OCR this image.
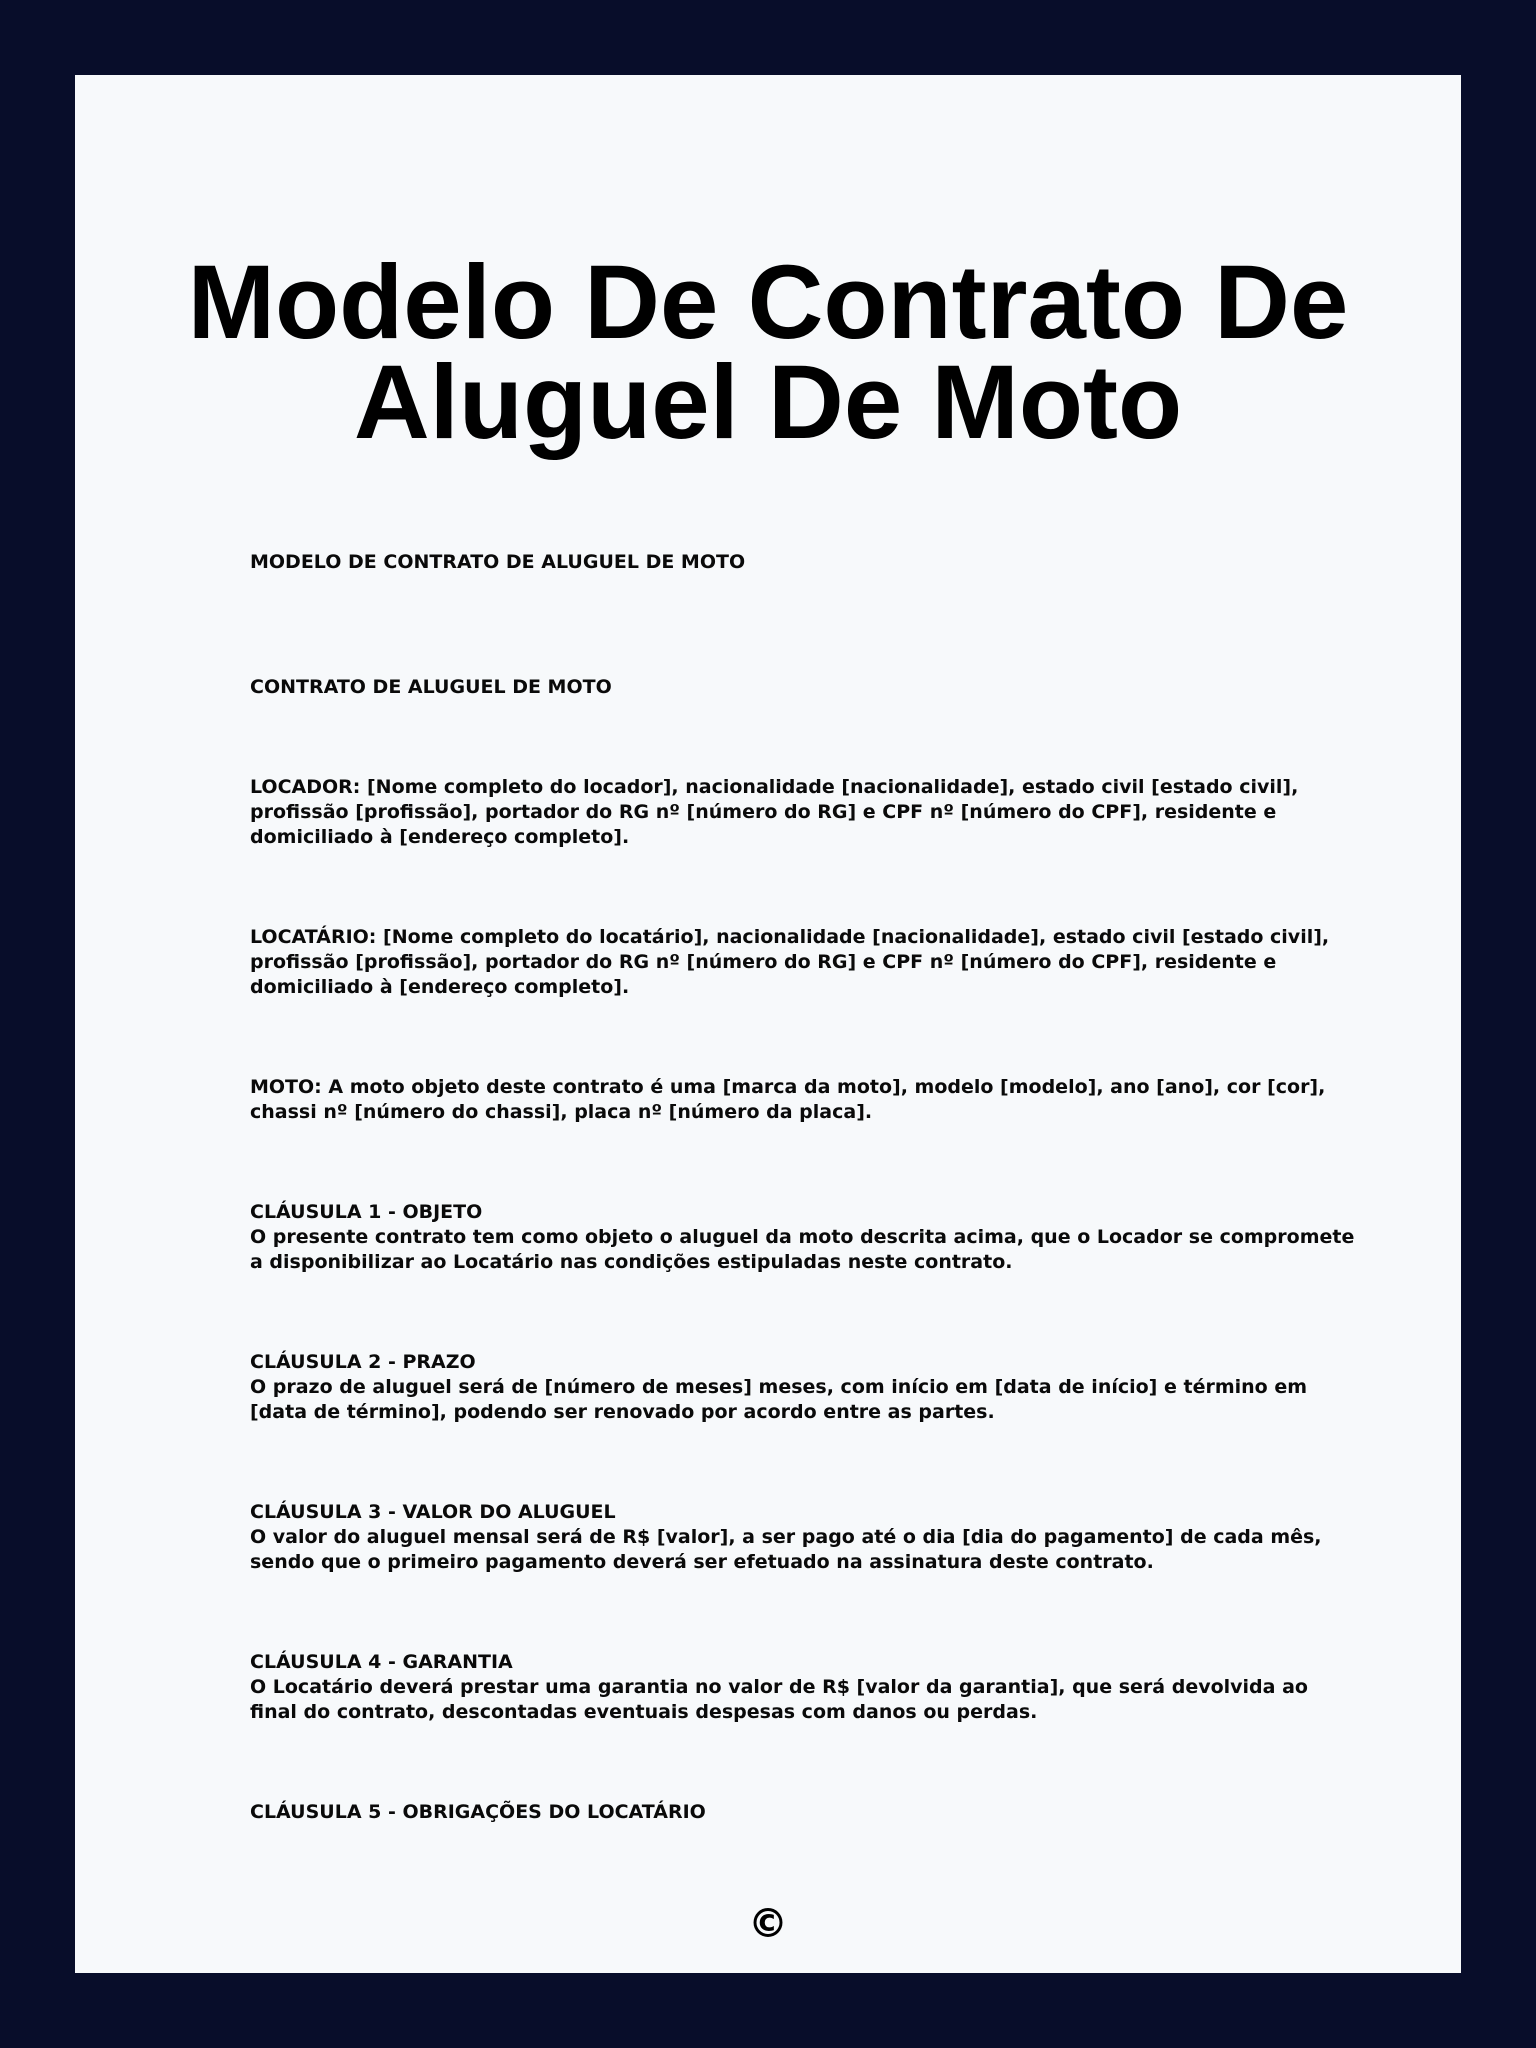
Modelo De Contrato De
Aluguel De Moto

MODELO DE CONTRATO DE ALUGUEL DE MOTO

CONTRATO DE ALUGUEL DE MOTO

LOCADOR: [Nome completo do locador], nacionalidade [nacionalidade], estado civil [estado civil], profissão [profissão], portador do RG nº [número do RG] e CPF nº [número do CPF], residente e domiciliado à [endereço completo].

LOCATÁRIO: [Nome completo do locatário], nacionalidade [nacionalidade], estado civil [estado civil], profissão [profissão], portador do RG nº [número do RG] e CPF nº [número do CPF], residente e domiciliado à [endereço completo].

MOTO: A moto objeto deste contrato é uma [marca da moto], modelo [modelo], ano [ano], cor [cor], chassi nº [número do chassi], placa nº [número da placa].

CLÁUSULA 1 - OBJETO
O presente contrato tem como objeto o aluguel da moto descrita acima, que o Locador se compromete a disponibilizar ao Locatário nas condições estipuladas neste contrato.
CLÁUSULA 2 - PRAZO
O prazo de aluguel será de [número de meses] meses, com início em [data de início] e término em [data de término], podendo ser renovado por acordo entre as partes.
CLÁUSULA 3 - VALOR DO ALUGUEL
O valor do aluguel mensal será de R$ [valor], a ser pago até o dia [dia do pagamento] de cada mês, sendo que o primeiro pagamento deverá ser efetuado na assinatura deste contrato.
CLÁUSULA 4 - GARANTIA
O Locatário deverá prestar uma garantia no valor de R$ [valor da garantia], que será devolvida ao final do contrato, descontadas eventuais despesas com danos ou perdas.
CLÁUSULA 5 - OBRIGAÇÕES DO LOCATÁRIO
©
